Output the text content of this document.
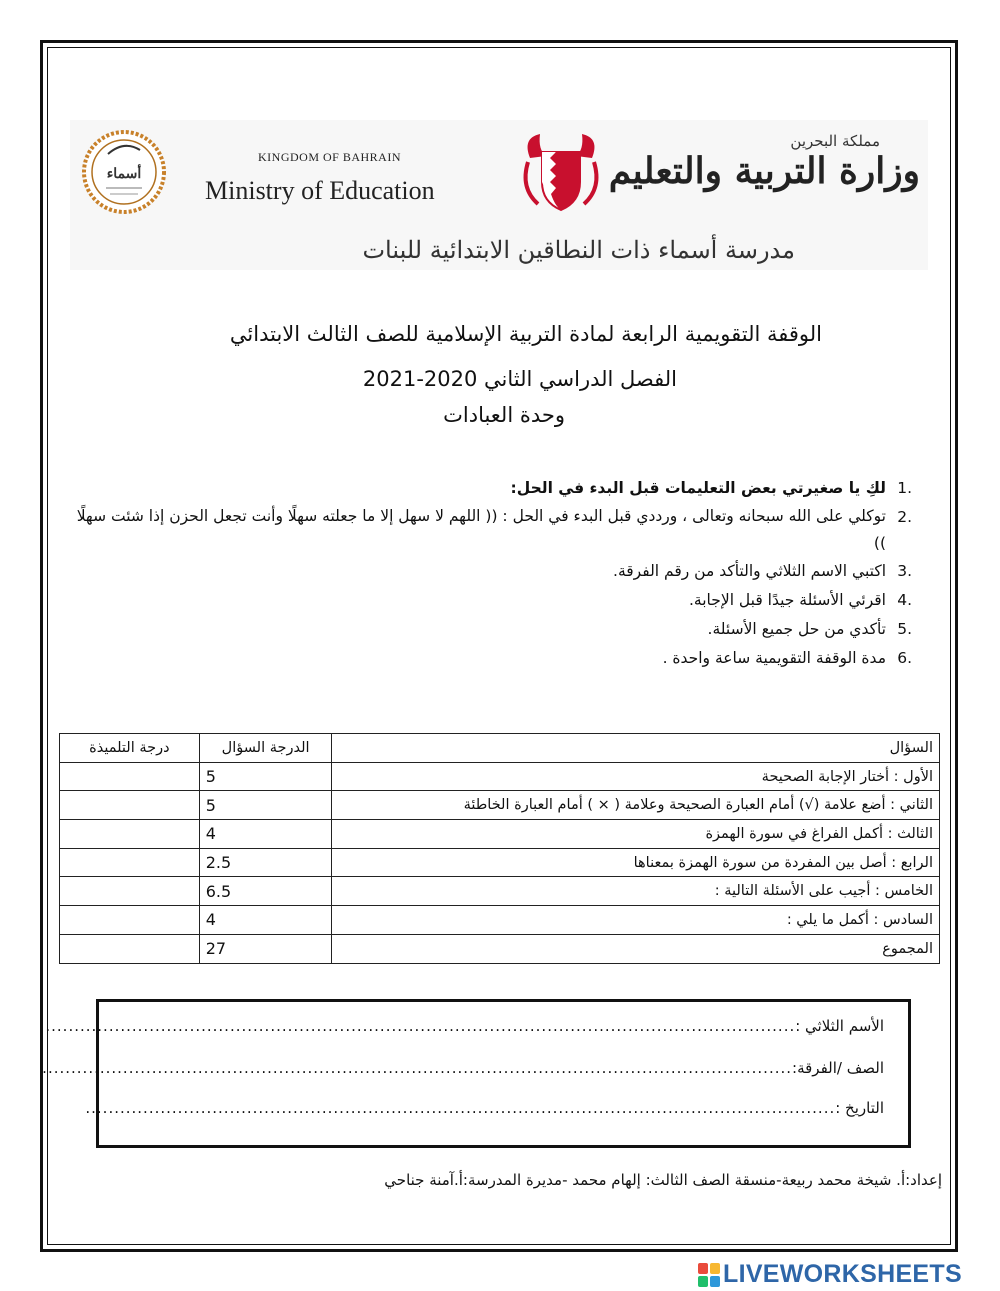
أسماء
KINGDOM OF BAHRAIN
Ministry of Education
مملكة البحرين
وزارة التربية والتعليم
مدرسة أسماء ذات النطاقين الابتدائية للبنات
الوقفة التقويمية الرابعة لمادة التربية الإسلامية للصف الثالث الابتدائي
الفصل الدراسي الثاني 2020-2021
وحدة العبادات
.1
لكِ يا صغيرتي بعض التعليمات قبل البدء في الحل:
.2
توكلي على الله سبحانه وتعالى ، ورددي قبل البدء في الحل : (( اللهم لا سهل إلا ما جعلته سهلًا وأنت تجعل الحزن إذا شئت سهلًا ))
.3
اكتبي الاسم الثلاثي والتأكد من رقم الفرقة.
.4
اقرئي الأسئلة جيدًا قبل الإجابة.
.5
تأكدي من حل جميع الأسئلة.
.6
مدة الوقفة التقويمية ساعة واحدة .
السؤال	الدرجة السؤال	درجة التلميذة
الأول : أختار الإجابة الصحيحة	5	
الثاني : أضع علامة (√) أمام العبارة الصحيحة وعلامة ( × ) أمام العبارة الخاطئة	5	
الثالث : أكمل الفراغ في سورة الهمزة	4	
الرابع : أصل بين المفردة من سورة الهمزة بمعناها	2.5	
الخامس : أجيب على الأسئلة التالية :	6.5	
السادس : أكمل ما يلي :	4	
المجموع	27	
الأسم الثلاثي :
..................................................................................................................................
الصف /الفرقة:
..................................................................................................................................
التاريخ :
..................................................................................................................................
إعداد:أ. شيخة محمد ربيعة-منسقة الصف الثالث: إلهام محمد -مديرة المدرسة:أ.آمنة جناحي
LIVEWORKSHEETS
